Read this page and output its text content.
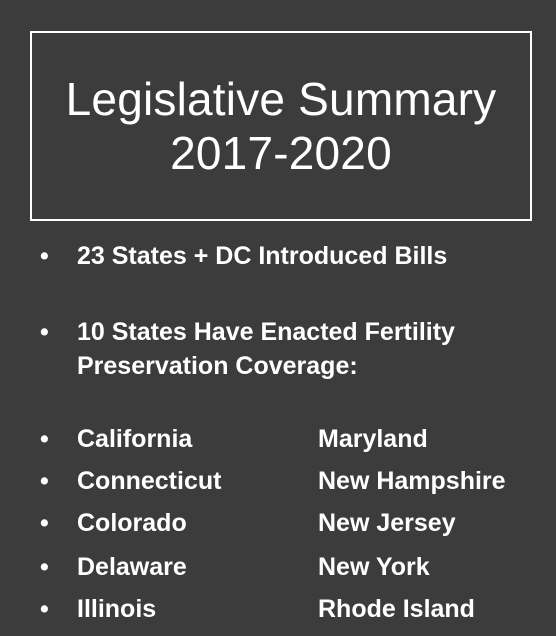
Legislative Summary
2017-2020
• 23 States + DC Introduced Bills
• 10 States Have Enacted Fertility
Preservation Coverage:
• California	Maryland
• Connecticut	New Hampshire
• Colorado	New Jersey
• Delaware	New York
• Illinois	Rhode Island
